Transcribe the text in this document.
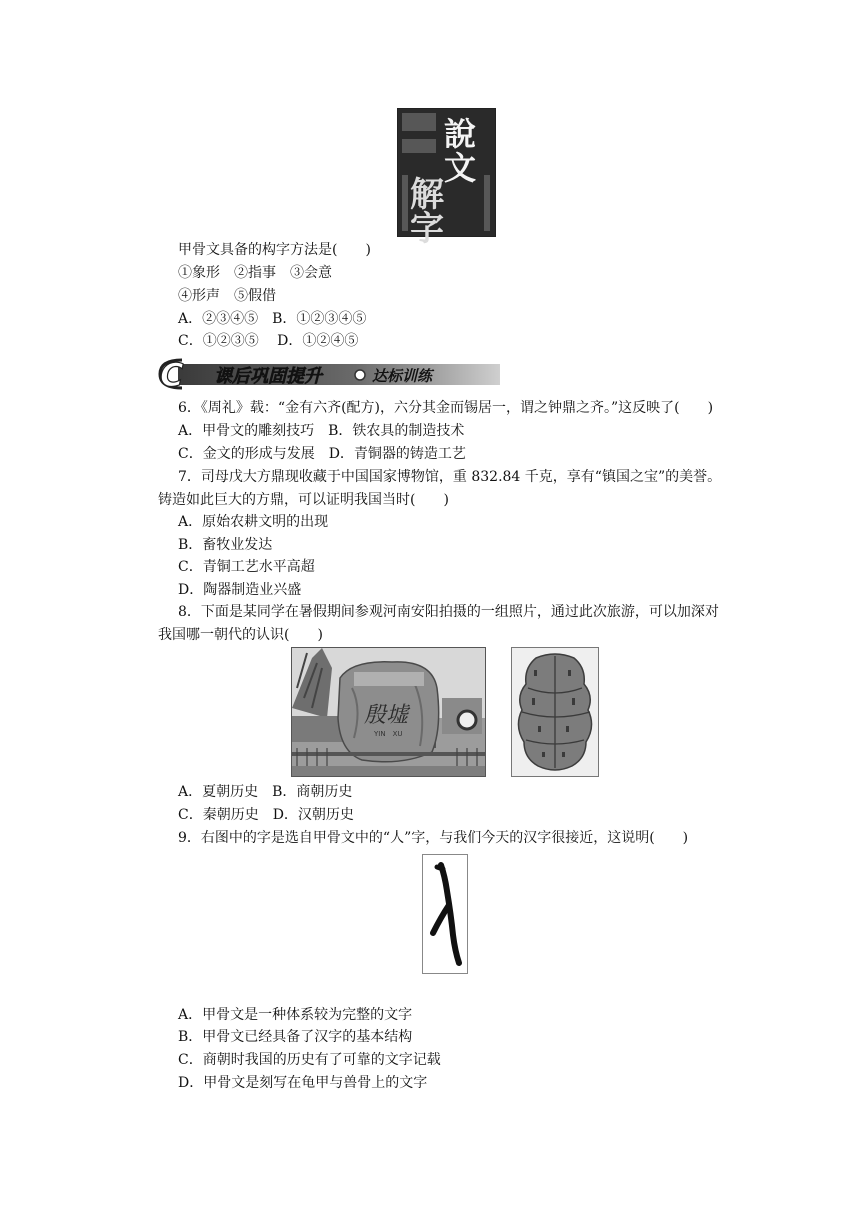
說
文
解
字
甲骨文具备的构字方法是(　　)
①象形　②指事　③会意
④形声　⑤假借
A．②③④⑤　B．①②③④⑤
C．①②③⑤　 D．①②④⑤
C 课后巩固提升	达标训练
6．《周礼》载：“金有六齐(配方)，六分其金而锡居一，谓之钟鼎之齐。”这反映了(　　)
A．甲骨文的雕刻技巧　B．铁农具的制造技术
C．金文的形成与发展　D．青铜器的铸造工艺
7．司母戊大方鼎现收藏于中国国家博物馆，重 832.84 千克，享有“镇国之宝”的美誉。
铸造如此巨大的方鼎，可以证明我国当时(　　)
A．原始农耕文明的出现
B．畜牧业发达
C．青铜工艺水平高超
D．陶器制造业兴盛
8．下面是某同学在暑假期间参观河南安阳拍摄的一组照片，通过此次旅游，可以加深对
我国哪一朝代的认识(　　)
殷墟
YIN　XU
A．夏朝历史　B．商朝历史
C．秦朝历史　D．汉朝历史
9．右图中的字是选自甲骨文中的“人”字，与我们今天的汉字很接近，这说明(　　)
A．甲骨文是一种体系较为完整的文字
B．甲骨文已经具备了汉字的基本结构
C．商朝时我国的历史有了可靠的文字记载
D．甲骨文是刻写在龟甲与兽骨上的文字
